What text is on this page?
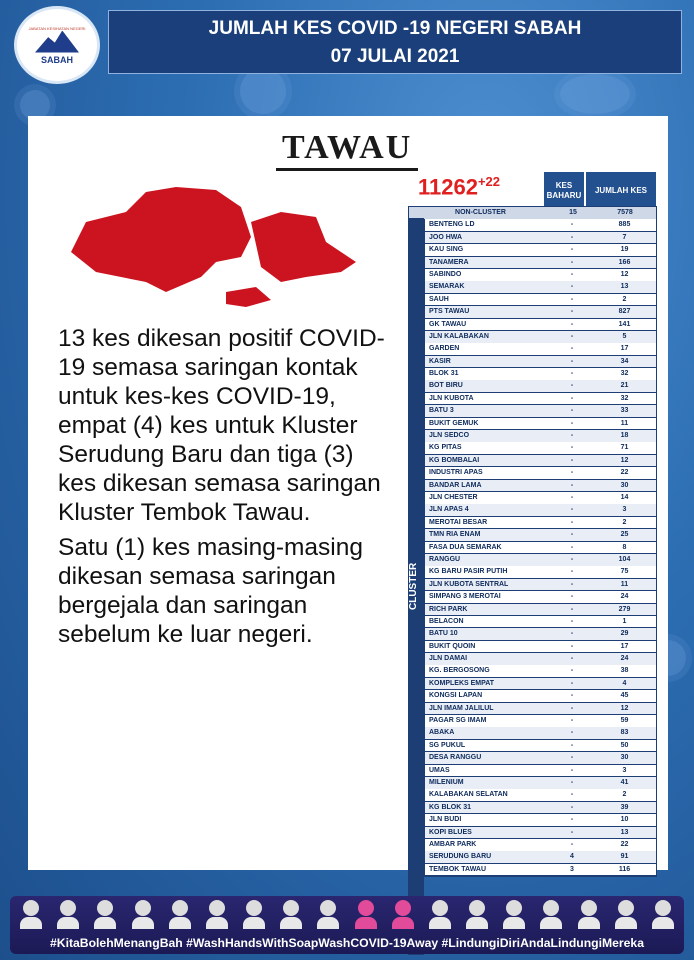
JABATAN KESIHATAN NEGERI
SABAH
JUMLAH KES COVID -19 NEGERI SABAH
07 JULAI 2021
TAWAU

13 kes dikesan positif COVID-19 semasa saringan kontak untuk kes-kes COVID-19, empat (4) kes untuk Kluster Serudung Baru dan tiga (3) kes dikesan semasa saringan Kluster Tembok Tawau.

Satu (1) kes masing-masing dikesan semasa saringan bergejala dan saringan sebelum ke luar negeri.

$11262^{+22}$	KES BAHARU
JUMLAH KES
NON-CLUSTER	15	7578
BENTENG LD	-	885
JOO HWA	-	7
KAU SING	-	19
TANAMERA	-	166
SABINDO	-	12
SEMARAK	-	13
SAUH	-	2
PTS TAWAU	-	827
GK TAWAU	-	141
JLN KALABAKAN	-	5
GARDEN	-	17
KASIR	-	34
BLOK 31	-	32
BOT BIRU	-	21
JLN KUBOTA	-	32
BATU 3	-	33
BUKIT GEMUK	-	11
JLN SEDCO	-	18
KG PITAS	-	71
KG BOMBALAI	-	12
INDUSTRI APAS	-	22
BANDAR LAMA	-	30
JLN CHESTER	-	14
JLN APAS 4	-	3
MEROTAI BESAR	-	2
TMN RIA ENAM	-	25
FASA DUA SEMARAK	-	8
RANGGU	-	104
KG BARU PASIR PUTIH	-	75
JLN KUBOTA SENTRAL	-	11
SIMPANG 3 MEROTAI	-	24
RICH PARK	-	279
BELACON	-	1
BATU 10	-	29
BUKIT QUOIN	-	17
JLN DAMAI	-	24
KG. BERGOSONG	-	38
KOMPLEKS EMPAT	-	4
KONGSI LAPAN	-	45
JLN IMAM JALILUL	-	12
PAGAR SG IMAM	-	59
ABAKA	-	83
SG PUKUL	-	50
DESA RANGGU	-	30
UMAS	-	3
MILENIUM	-	41
KALABAKAN SELATAN	-	2
KG BLOK 31	-	39
JLN BUDI	-	10
KOPI BLUES	-	13
AMBAR PARK	-	22
SERUDUNG BARU	4	91
TEMBOK TAWAU	3	116
CLUSTER
#KitaBolehMenangBah #WashHandsWithSoapWashCOVID-19Away #LindungiDiriAndaLindungiMereka
